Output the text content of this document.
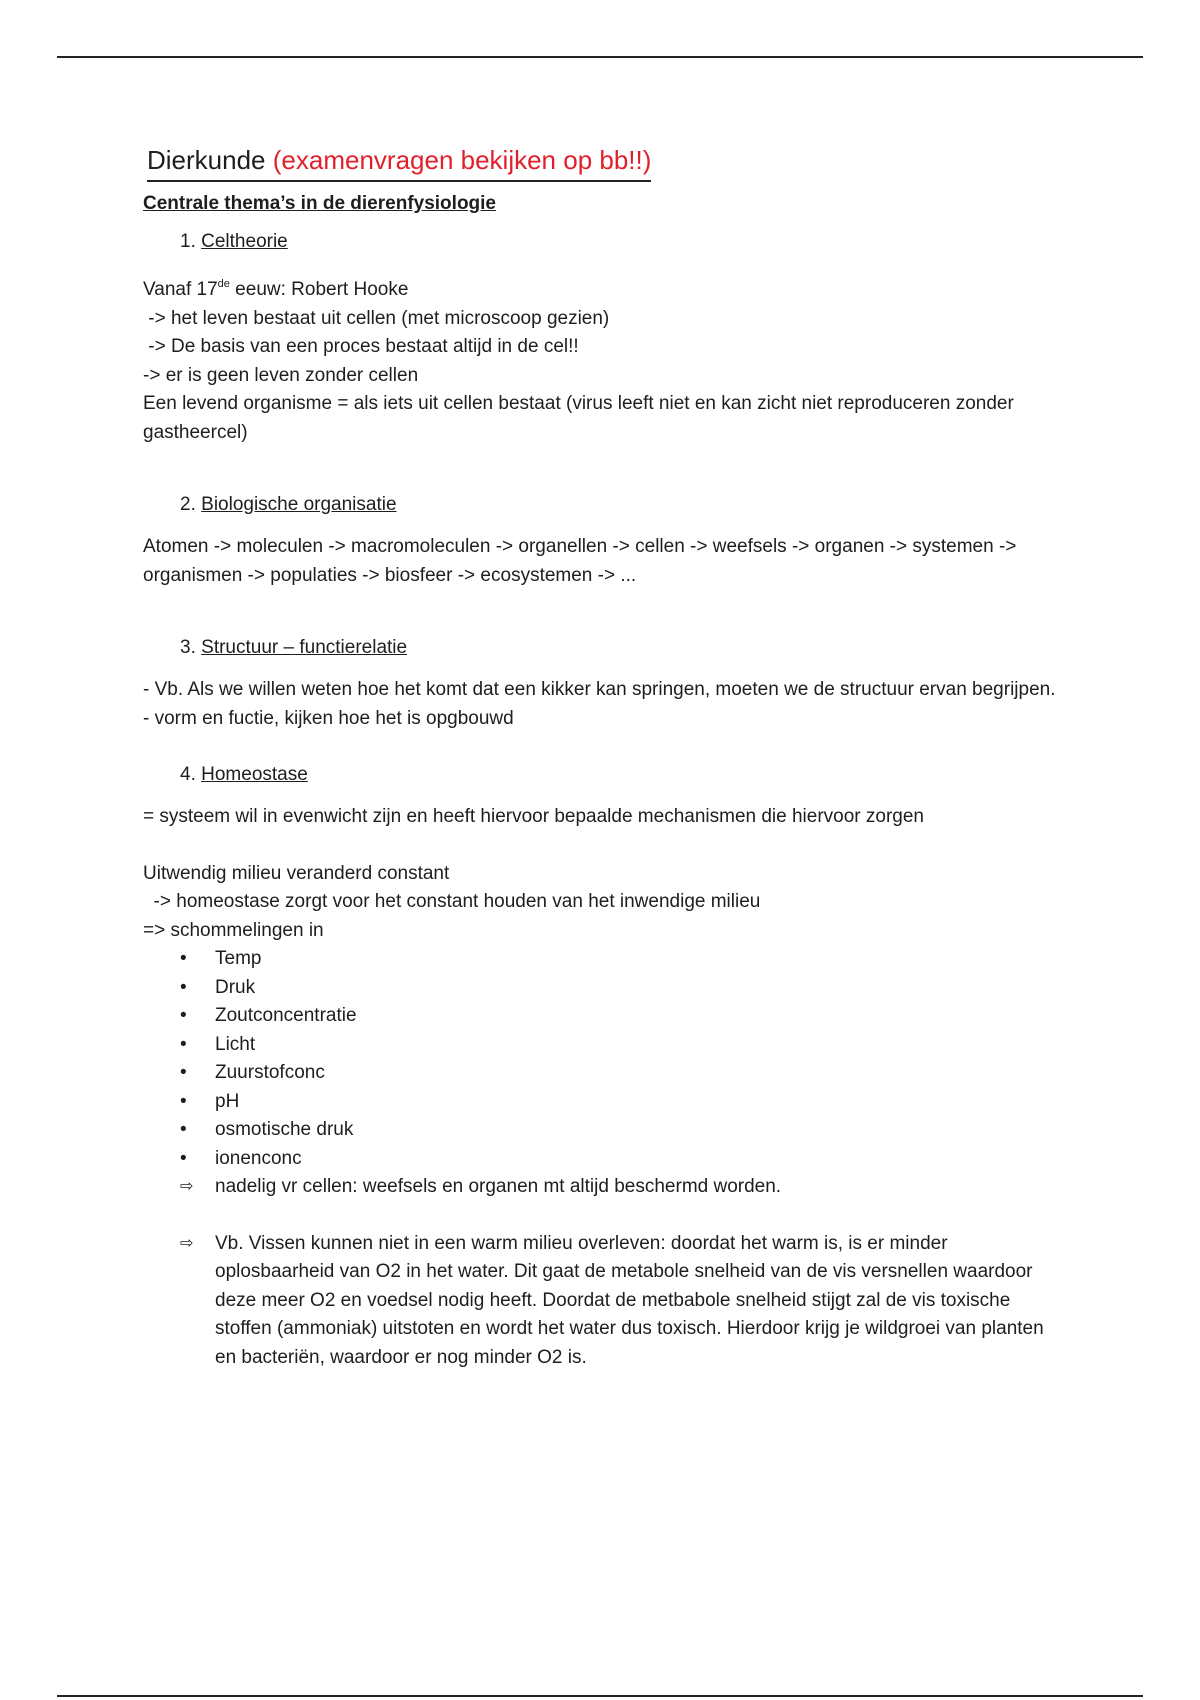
Dierkunde (examenvragen bekijken op bb!!)
Centrale thema’s in de dierenfysiologie
1. Celtheorie

Vanaf 17de eeuw: Robert Hooke

-> het leven bestaat uit cellen (met microscoop gezien)

-> De basis van een proces bestaat altijd in de cel!!

-> er is geen leven zonder cellen

Een levend organisme = als iets uit cellen bestaat (virus leeft niet en kan zicht niet reproduceren zonder gastheercel)

2. Biologische organisatie

Atomen -> moleculen -> macromoleculen -> organellen -> cellen -> weefsels -> organen -> systemen -> organismen -> populaties -> biosfeer -> ecosystemen -> ...

3. Structuur – functierelatie

- Vb. Als we willen weten hoe het komt dat een kikker kan springen, moeten we de structuur ervan begrijpen.

- vorm en fuctie, kijken hoe het is opgbouwd

4. Homeostase

= systeem wil in evenwicht zijn en heeft hiervoor bepaalde mechanismen die hiervoor zorgen

Uitwendig milieu veranderd constant

-> homeostase zorgt voor het constant houden van het inwendige milieu

=> schommelingen in

• Temp
• Druk
• Zoutconcentratie
• Licht
• Zuurstofconc
• pH
• osmotische druk
• ionenconc
⇨ nadelig vr cellen: weefsels en organen mt altijd beschermd worden.
⇨ Vb. Vissen kunnen niet in een warm milieu overleven: doordat het warm is, is er minder oplosbaarheid van O2 in het water. Dit gaat de metabole snelheid van de vis versnellen waardoor deze meer O2 en voedsel nodig heeft. Doordat de metbabole snelheid stijgt zal de vis toxische stoffen (ammoniak) uitstoten en wordt het water dus toxisch. Hierdoor krijg je wildgroei van planten en bacteriën, waardoor er nog minder O2 is.
